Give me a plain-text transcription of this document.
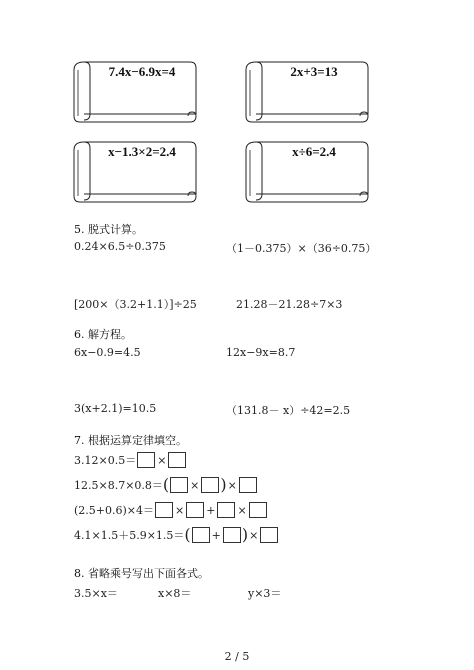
7.4x−6.9x=4	2x+3=13
x−1.3×2=2.4	x÷6=2.4
5. 脱式计算。
0.24×6.5÷0.375	（1－0.375）×（36÷0.75）
[200×（3.2+1.1）]÷25	21.28－21.28÷7×3
6. 解方程。
6x−0.9=4.5	12x−9x=8.7
3(x+2.1)=10.5	（131.8－ x）÷42=2.5
7. 根据运算定律填空。
3.12×0.5＝ ×
12.5×8.7×0.8＝ ( × ) ×
(2.5+0.6)×4＝ × + ×
4.1×1.5＋5.9×1.5＝ ( + ) ×
8. 省略乘号写出下面各式。
3.5×x＝	x×8＝	y×3＝
2 / 5
